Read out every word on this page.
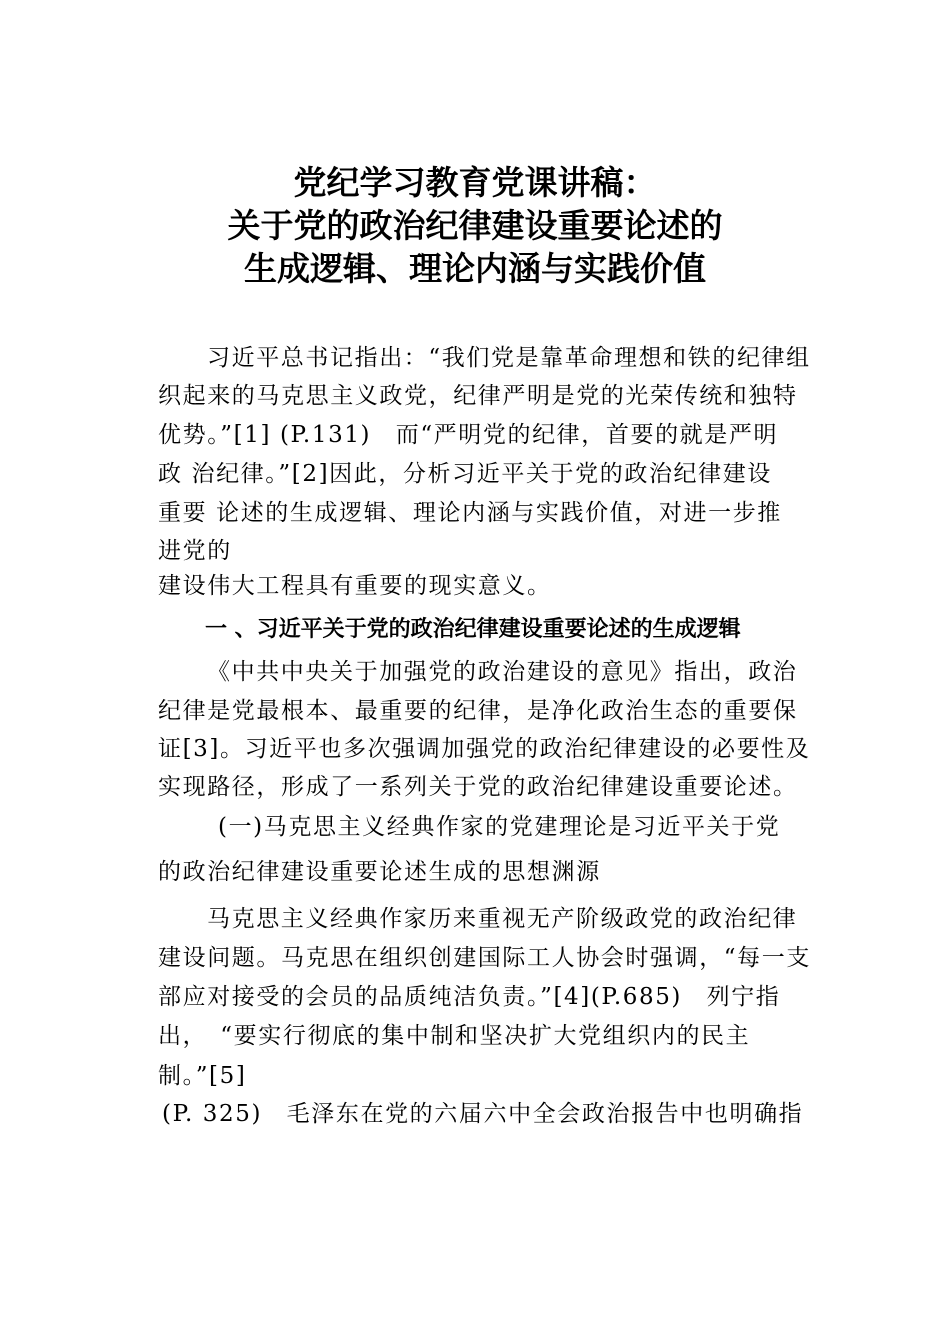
党纪学习教育党课讲稿：
关于党的政治纪律建设重要论述的
生成逻辑、理论内涵与实践价值
习近平总书记指出：“我们党是靠革命理想和铁的纪律组
织起来的马克思主义政党，纪律严明是党的光荣传统和独特
优势。”[1] (P.131)　而“严明党的纪律，首要的就是严明
政 治纪律。”[2]因此，分析习近平关于党的政治纪律建设
重要 论述的生成逻辑、理论内涵与实践价值，对进一步推
进党的
建设伟大工程具有重要的现实意义。
一 、习近平关于党的政治纪律建设重要论述的生成逻辑
《中共中央关于加强党的政治建设的意见》指出，政治
纪律是党最根本、最重要的纪律，是净化政治生态的重要保
证[3]。习近平也多次强调加强党的政治纪律建设的必要性及
实现路径，形成了一系列关于党的政治纪律建设重要论述。
(一)马克思主义经典作家的党建理论是习近平关于党
的政治纪律建设重要论述生成的思想渊源
马克思主义经典作家历来重视无产阶级政党的政治纪律
建设问题。马克思在组织创建国际工人协会时强调，“每一支
部应对接受的会员的品质纯洁负责。”[4](P.685)　列宁指
出，　“要实行彻底的集中制和坚决扩大党组织内的民主
制。”[5]
(P. 325)　毛泽东在党的六届六中全会政治报告中也明确指
